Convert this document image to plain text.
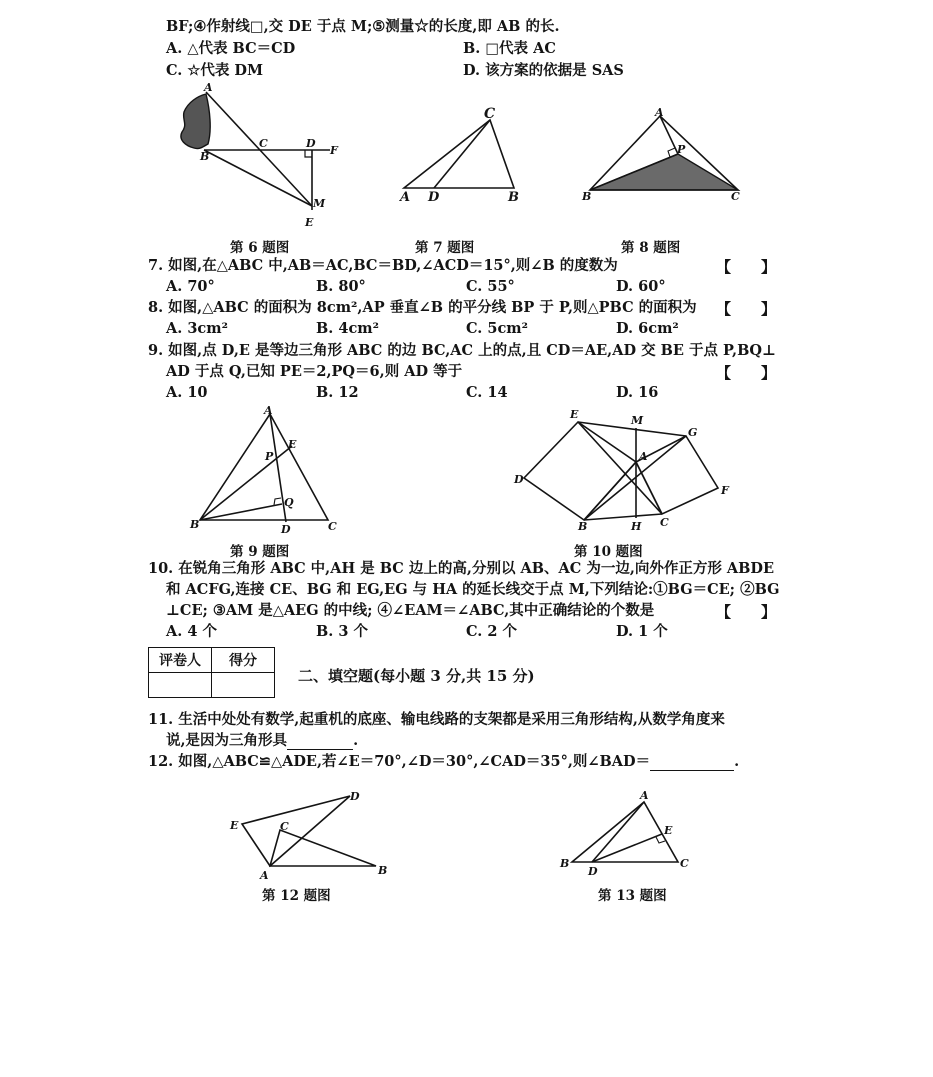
BF;④作射线□,交 DE 于点 M;⑤测量☆的长度,即 AB 的长.
A. △代表 BC＝CD	B. □代表 AC
C. ☆代表 DM	D. 该方案的依据是 SAS
A
B
C	D
F
M
E
第 6 题图
C
A D	B
第 7 题图
A
P
B	C
第 8 题图
7. 如图,在△ABC 中,AB＝AC,BC＝BD,∠ACD＝15°,则∠B 的度数为	【　　】
A. 70°	B. 80°	C. 55°	D. 60°
8. 如图,△ABC 的面积为 8cm²,AP 垂直∠B 的平分线 BP 于 P,则△PBC 的面积为 【　　】
A. 3cm²	B. 4cm²	C. 5cm²	D. 6cm²
9. 如图,点 D,E 是等边三角形 ABC 的边 BC,AC 上的点,且 CD＝AE,AD 交 BE 于点 P,BQ⊥
AD 于点 Q,已知 PE＝2,PQ＝6,则 AD 等于	【　　】
A. 10	B. 12	C. 14	D. 16
A
E
P
Q
B	D	C
第 9 题图
E	M
G
D
A
F
B	H C
第 10 题图
10. 在锐角三角形 ABC 中,AH 是 BC 边上的高,分别以 AB、AC 为一边,向外作正方形 ABDE
和 ACFG,连接 CE、BG 和 EG,EG 与 HA 的延长线交于点 M,下列结论:①BG＝CE; ②BG
⊥CE; ③AM 是△AEG 的中线; ④∠EAM＝∠ABC,其中正确结论的个数是	【　　】
A. 4 个	B. 3 个	C. 2 个	D. 1 个
评卷人	得分

二、填空题(每小题 3 分,共 15 分)
11. 生活中处处有数学,起重机的底座、输电线路的支架都是采用三角形结构,从数学角度来
说,是因为三角形具	.
12. 如图,△ABC≌△ADE,若∠E＝70°,∠D＝30°,∠CAD＝35°,则∠BAD＝	.
E	C
D
A	B
第 12 题图
A
E
B
D
C
第 13 题图
